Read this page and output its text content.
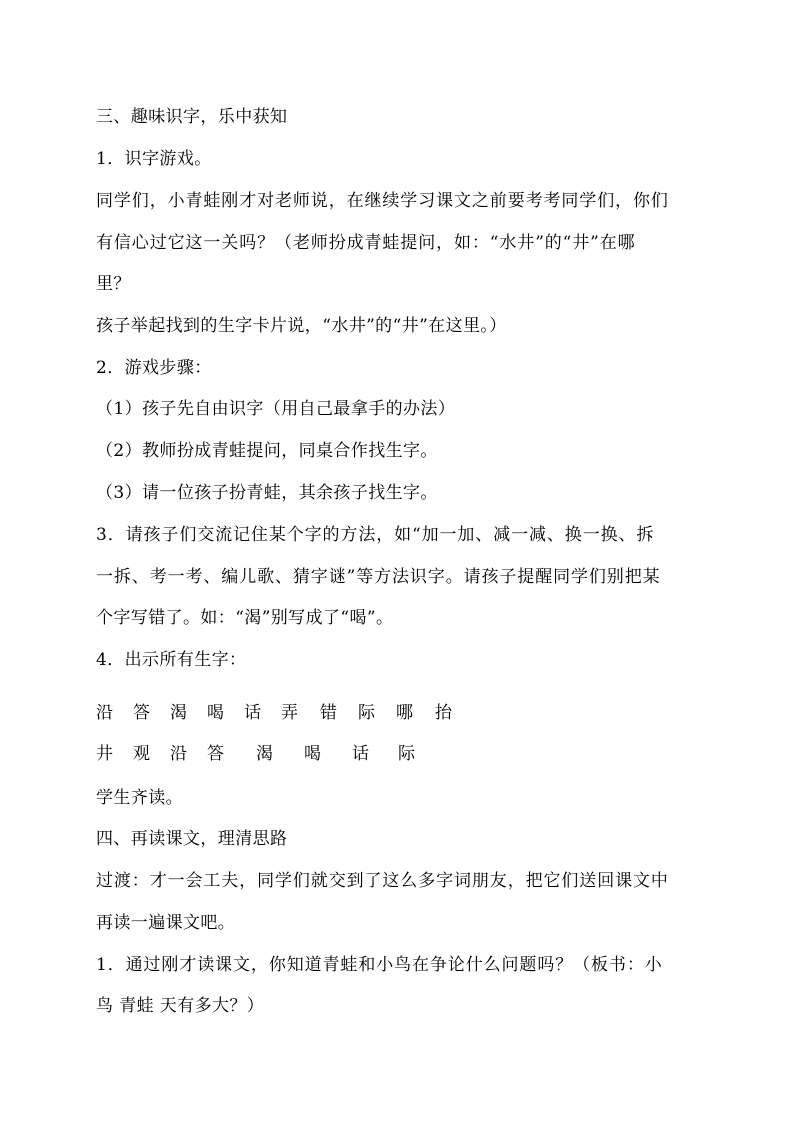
三、趣味识字，乐中获知
1．识字游戏。
同学们，小青蛙刚才对老师说，在继续学习课文之前要考考同学们，你们
有信心过它这一关吗？（老师扮成青蛙提问，如：“水井”的“井”在哪
里？
孩子举起找到的生字卡片说，“水井”的“井”在这里。）
2．游戏步骤：
（1）孩子先自由识字（用自己最拿手的办法）
（2）教师扮成青蛙提问，同桌合作找生字。
（3）请一位孩子扮青蛙，其余孩子找生字。
3．请孩子们交流记住某个字的方法，如“加一加、减一减、换一换、拆
一拆、考一考、编儿歌、猜字谜”等方法识字。请孩子提醒同学们别把某
个字写错了。如：“渴”别写成了“喝”。
4．出示所有生字：
沿 答 渴 喝 话 弄 错 际 哪 抬
井 观 沿 答 渴 喝 话 际
学生齐读。
四、再读课文，理清思路
过渡：才一会工夫，同学们就交到了这么多字词朋友，把它们送回课文中
再读一遍课文吧。
1．通过刚才读课文，你知道青蛙和小鸟在争论什么问题吗？（板书：小
鸟 青蛙 天有多大？）
